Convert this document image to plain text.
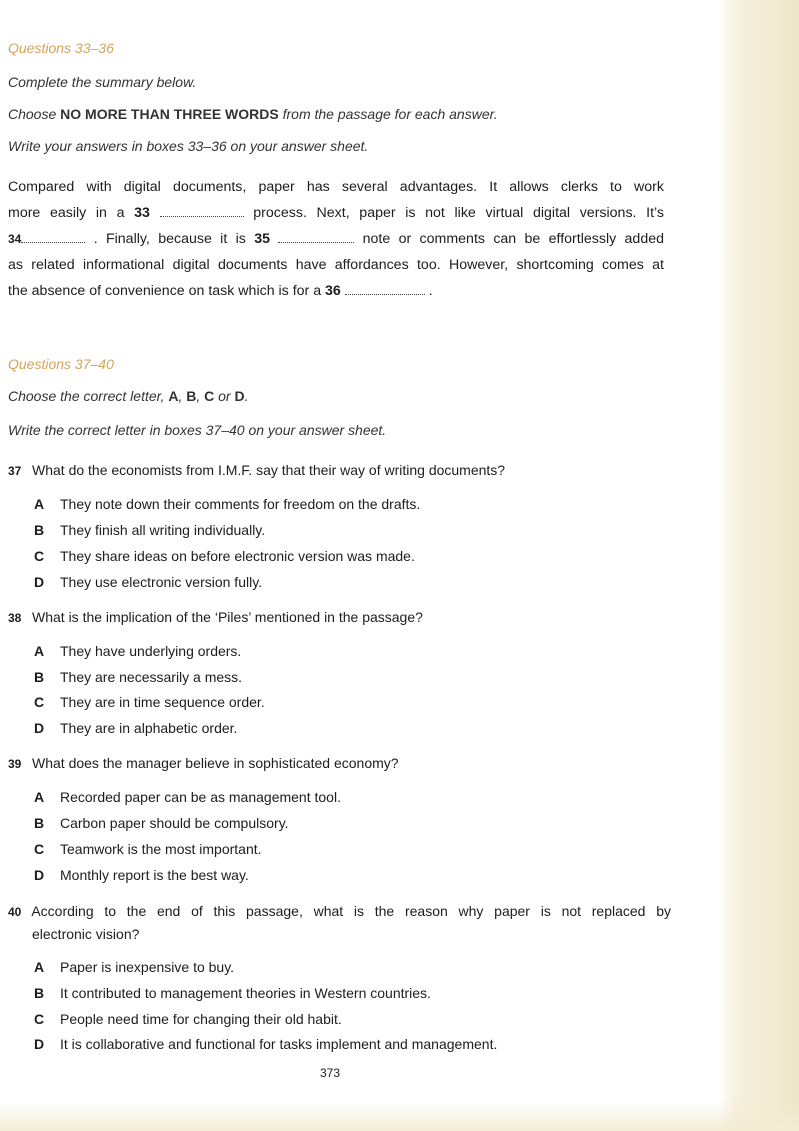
Questions 33–36
Complete the summary below.
Choose NO MORE THAN THREE WORDS from the passage for each answer.
Write your answers in boxes 33–36 on your answer sheet.
Compared with digital documents, paper has several advantages. It allows clerks to work
more easily in a 33	process. Next, paper is not like virtual digital versions. It’s
34	. Finally, because it is 35	note or comments can be effortlessly added
as related informational digital documents have affordances too. However, shortcoming comes at
the absence of convenience on task which is for a 36	.
Questions 37–40
Choose the correct letter, A, B, C or D.
Write the correct letter in boxes 37–40 on your answer sheet.
37 What do the economists from I.M.F. say that their way of writing documents?
A They note down their comments for freedom on the drafts.
B They finish all writing individually.
C They share ideas on before electronic version was made.
D They use electronic version fully.
38 What is the implication of the ‘Piles’ mentioned in the passage?
A They have underlying orders.
B They are necessarily a mess.
C They are in time sequence order.
D They are in alphabetic order.
39 What does the manager believe in sophisticated economy?
A Recorded paper can be as management tool.
B Carbon paper should be compulsory.
C Teamwork is the most important.
D Monthly report is the best way.
40 According to the end of this passage, what is the reason why paper is not replaced by
electronic vision?
A Paper is inexpensive to buy.
B It contributed to management theories in Western countries.
C People need time for changing their old habit.
D It is collaborative and functional for tasks implement and management.
373
